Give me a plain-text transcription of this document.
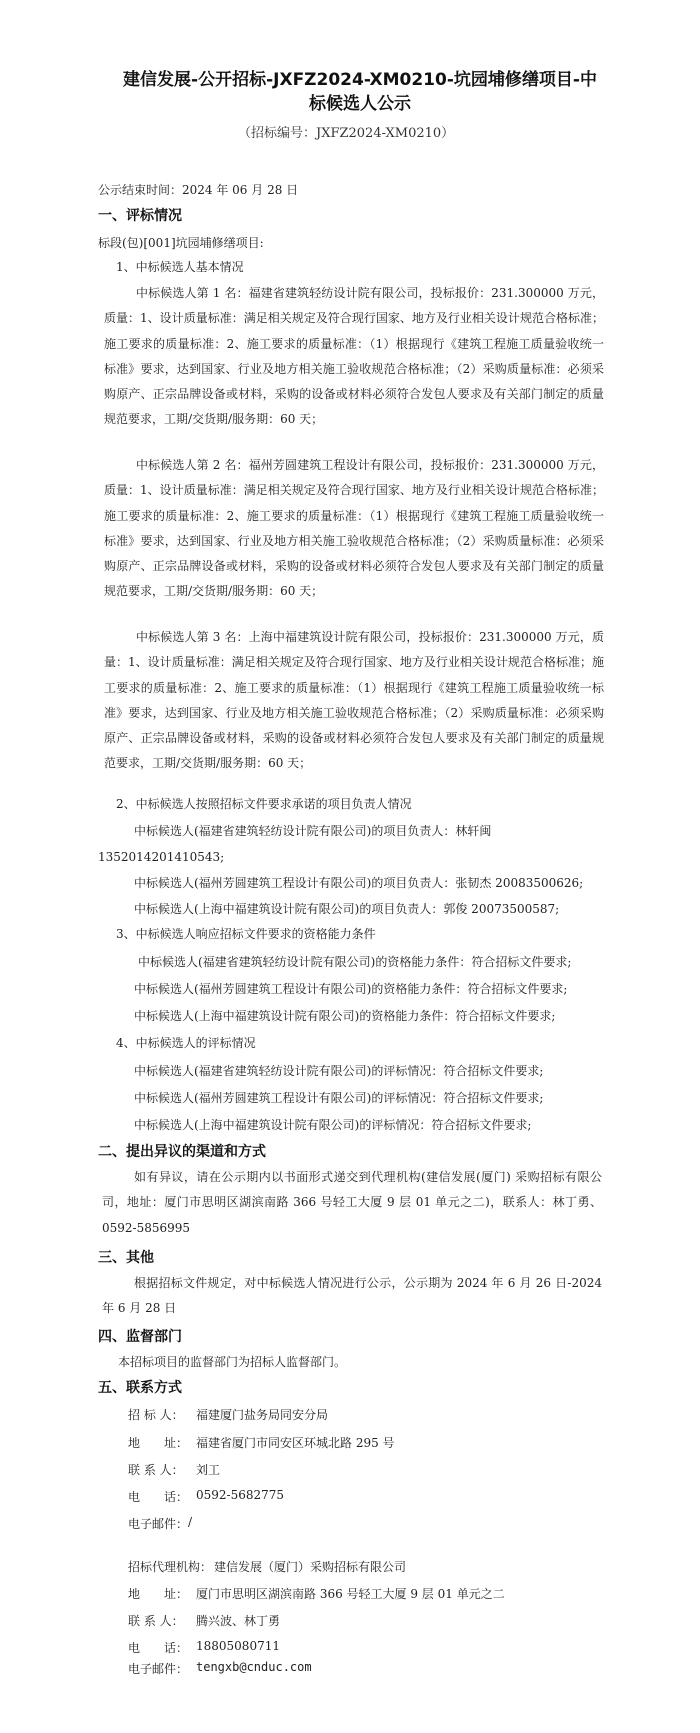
建信发展-公开招标-JXFZ2024-XM0210-坑园埔修缮项目-中标候选人公示
（招标编号：JXFZ2024-XM0210）
公示结束时间：2024 年 06 月 28 日
一、评标情况
标段(包)[001]坑园埔修缮项目:
1、中标候选人基本情况
中标候选人第 1 名：福建省建筑轻纺设计院有限公司，投标报价：231.300000 万元，质量：1、设计质量标准：满足相关规定及符合现行国家、地方及行业相关设计规范合格标准；施工要求的质量标准：2、施工要求的质量标准：（1）根据现行《建筑工程施工质量验收统一标准》要求，达到国家、行业及地方相关施工验收规范合格标准；（2）采购质量标准：必须采购原产、正宗品牌设备或材料，采购的设备或材料必须符合发包人要求及有关部门制定的质量规范要求，工期/交货期/服务期：60 天；
中标候选人第 2 名：福州芳圆建筑工程设计有限公司，投标报价：231.300000 万元，质量：1、设计质量标准：满足相关规定及符合现行国家、地方及行业相关设计规范合格标准；施工要求的质量标准：2、施工要求的质量标准：（1）根据现行《建筑工程施工质量验收统一标准》要求，达到国家、行业及地方相关施工验收规范合格标准；（2）采购质量标准：必须采购原产、正宗品牌设备或材料，采购的设备或材料必须符合发包人要求及有关部门制定的质量规范要求，工期/交货期/服务期：60 天；
中标候选人第 3 名：上海中福建筑设计院有限公司，投标报价：231.300000 万元，质量：1、设计质量标准：满足相关规定及符合现行国家、地方及行业相关设计规范合格标准；施工要求的质量标准：2、施工要求的质量标准：（1）根据现行《建筑工程施工质量验收统一标准》要求，达到国家、行业及地方相关施工验收规范合格标准；（2）采购质量标准：必须采购原产、正宗品牌设备或材料，采购的设备或材料必须符合发包人要求及有关部门制定的质量规范要求，工期/交货期/服务期：60 天；
2、中标候选人按照招标文件要求承诺的项目负责人情况
中标候选人(福建省建筑轻纺设计院有限公司)的项目负责人：林轩闽
1352014201410543;
中标候选人(福州芳圆建筑工程设计有限公司)的项目负责人：张韧杰 20083500626;
中标候选人(上海中福建筑设计院有限公司)的项目负责人：郭俊 20073500587;
3、中标候选人响应招标文件要求的资格能力条件
中标候选人(福建省建筑轻纺设计院有限公司)的资格能力条件：符合招标文件要求;
中标候选人(福州芳圆建筑工程设计有限公司)的资格能力条件：符合招标文件要求;
中标候选人(上海中福建筑设计院有限公司)的资格能力条件：符合招标文件要求;
4、中标候选人的评标情况
中标候选人(福建省建筑轻纺设计院有限公司)的评标情况：符合招标文件要求;
中标候选人(福州芳圆建筑工程设计有限公司)的评标情况：符合招标文件要求;
中标候选人(上海中福建筑设计院有限公司)的评标情况：符合招标文件要求;
二、提出异议的渠道和方式
如有异议，请在公示期内以书面形式递交到代理机构(建信发展(厦门) 采购招标有限公司，地址：厦门市思明区湖滨南路 366 号轻工大厦 9 层 01 单元之二)，联系人：林丁勇、0592-5856995
三、其他
根据招标文件规定，对中标候选人情况进行公示，公示期为 2024 年 6 月 26 日-2024 年 6 月 28 日
四、监督部门
本招标项目的监督部门为招标人监督部门。
五、联系方式
招 标 人： 福建厦门盐务局同安分局
地　　址： 福建省厦门市同安区环城北路 295 号
联 系 人： 刘工
电　　话： 0592-5682775
电子邮件： /
招标代理机构： 建信发展（厦门）采购招标有限公司
地　　址： 厦门市思明区湖滨南路 366 号轻工大厦 9 层 01 单元之二
联 系 人： 腾兴波、林丁勇
电　　话： 18805080711
电子邮件： tengxb@cnduc.com
